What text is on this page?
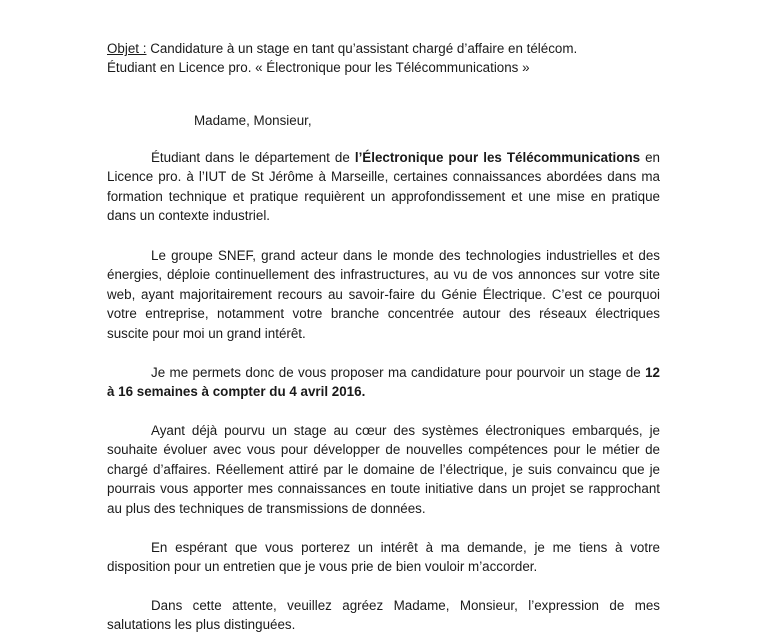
Objet : Candidature à un stage en tant qu’assistant chargé d’affaire en télécom.
Étudiant en Licence pro. « Électronique pour les Télécommunications »
Madame, Monsieur,

Étudiant dans le département de l’Électronique pour les Télécommunications en Licence pro. à l’IUT de St Jérôme à Marseille, certaines connaissances abordées dans ma formation technique et pratique requièrent un approfondissement et une mise en pratique dans un contexte industriel.

Le groupe SNEF, grand acteur dans le monde des technologies industrielles et des énergies, déploie continuellement des infrastructures, au vu de vos annonces sur votre site web, ayant majoritairement recours au savoir-faire du Génie Électrique. C’est ce pourquoi votre entreprise, notamment votre branche concentrée autour des réseaux électriques suscite pour moi un grand intérêt.

Je me permets donc de vous proposer ma candidature pour pourvoir un stage de 12 à 16 semaines à compter du 4 avril 2016.

Ayant déjà pourvu un stage au cœur des systèmes électroniques embarqués, je souhaite évoluer avec vous pour développer de nouvelles compétences pour le métier de chargé d’affaires. Réellement attiré par le domaine de l’électrique, je suis convaincu que je pourrais vous apporter mes connaissances en toute initiative dans un projet se rapprochant au plus des techniques de transmissions de données.

En espérant que vous porterez un intérêt à ma demande, je me tiens à votre disposition pour un entretien que je vous prie de bien vouloir m’accorder.

Dans cette attente, veuillez agréez Madame, Monsieur, l’expression de mes salutations les plus distinguées.
